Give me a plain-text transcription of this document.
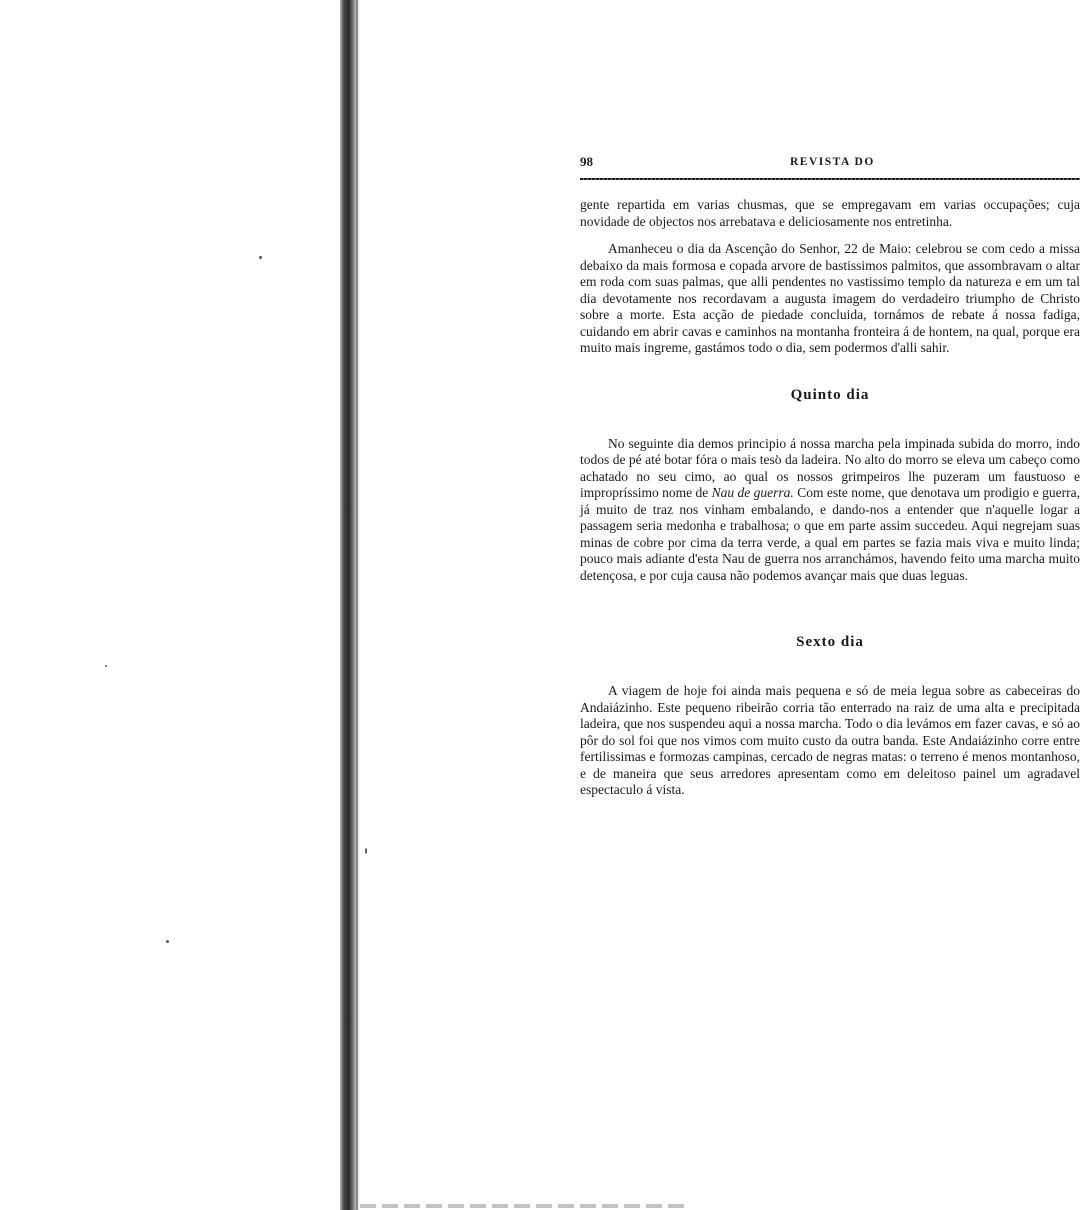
98	REVISTA DO

gente repartida em varias chusmas, que se empregavam em varias occupações; cuja novidade de objectos nos arrebatava e deliciosamente nos entretinha.

Amanheceu o dia da Ascenção do Senhor, 22 de Maio: celebrou se com cedo a missa debaixo da mais formosa e copada arvore de bastissimos palmitos, que assombravam o altar em roda com suas palmas, que alli pendentes no vastissimo templo da natureza e em um tal dia devotamente nos recordavam a augusta imagem do verdadeiro triumpho de Christo sobre a morte. Esta acção de piedade concluida, tornámos de rebate á nossa fadiga, cuidando em abrir cavas e caminhos na montanha fronteira á de hontem, na qual, porque era muito mais ingreme, gastámos todo o dia, sem podermos d'alli sahir.

Quinto dia

No seguinte dia demos principio á nossa marcha pela impinada subida do morro, indo todos de pé até botar fóra o mais teso da ladeira. No alto do morro se eleva um cabeço como achatado no seu cimo, ao qual os nossos grimpeiros lhe puzeram um faustuoso e impropríssimo nome de Nau de guerra. Com este nome, que denotava um prodigio e guerra, já muito de traz nos vinham embalando, e dando-nos a entender que n'aquelle logar a passagem seria medonha e trabalhosa; o que em parte assim succedeu. Aqui negrejam suas minas de cobre por cima da terra verde, a qual em partes se fazia mais viva e muito linda; pouco mais adiante d'esta Nau de guerra nos arranchámos, havendo feito uma marcha muito detençosa, e por cuja causa não podemos avançar mais que duas leguas.

Sexto dia

A viagem de hoje foi ainda mais pequena e só de meia legua sobre as cabeceiras do Andaiázinho. Este pequeno ribeirão corria tão enterrado na raiz de uma alta e precipitada ladeira, que nos suspendeu aqui a nossa marcha. Todo o dia levámos em fazer cavas, e só ao pôr do sol foi que nos vimos com muito custo da outra banda. Este Andaiázinho corre entre fertilissimas e formozas campinas, cercado de negras matas: o terreno é menos montanhoso, e de maneira que seus arredores apresentam como em deleitoso painel um agradavel espectaculo á vista.
